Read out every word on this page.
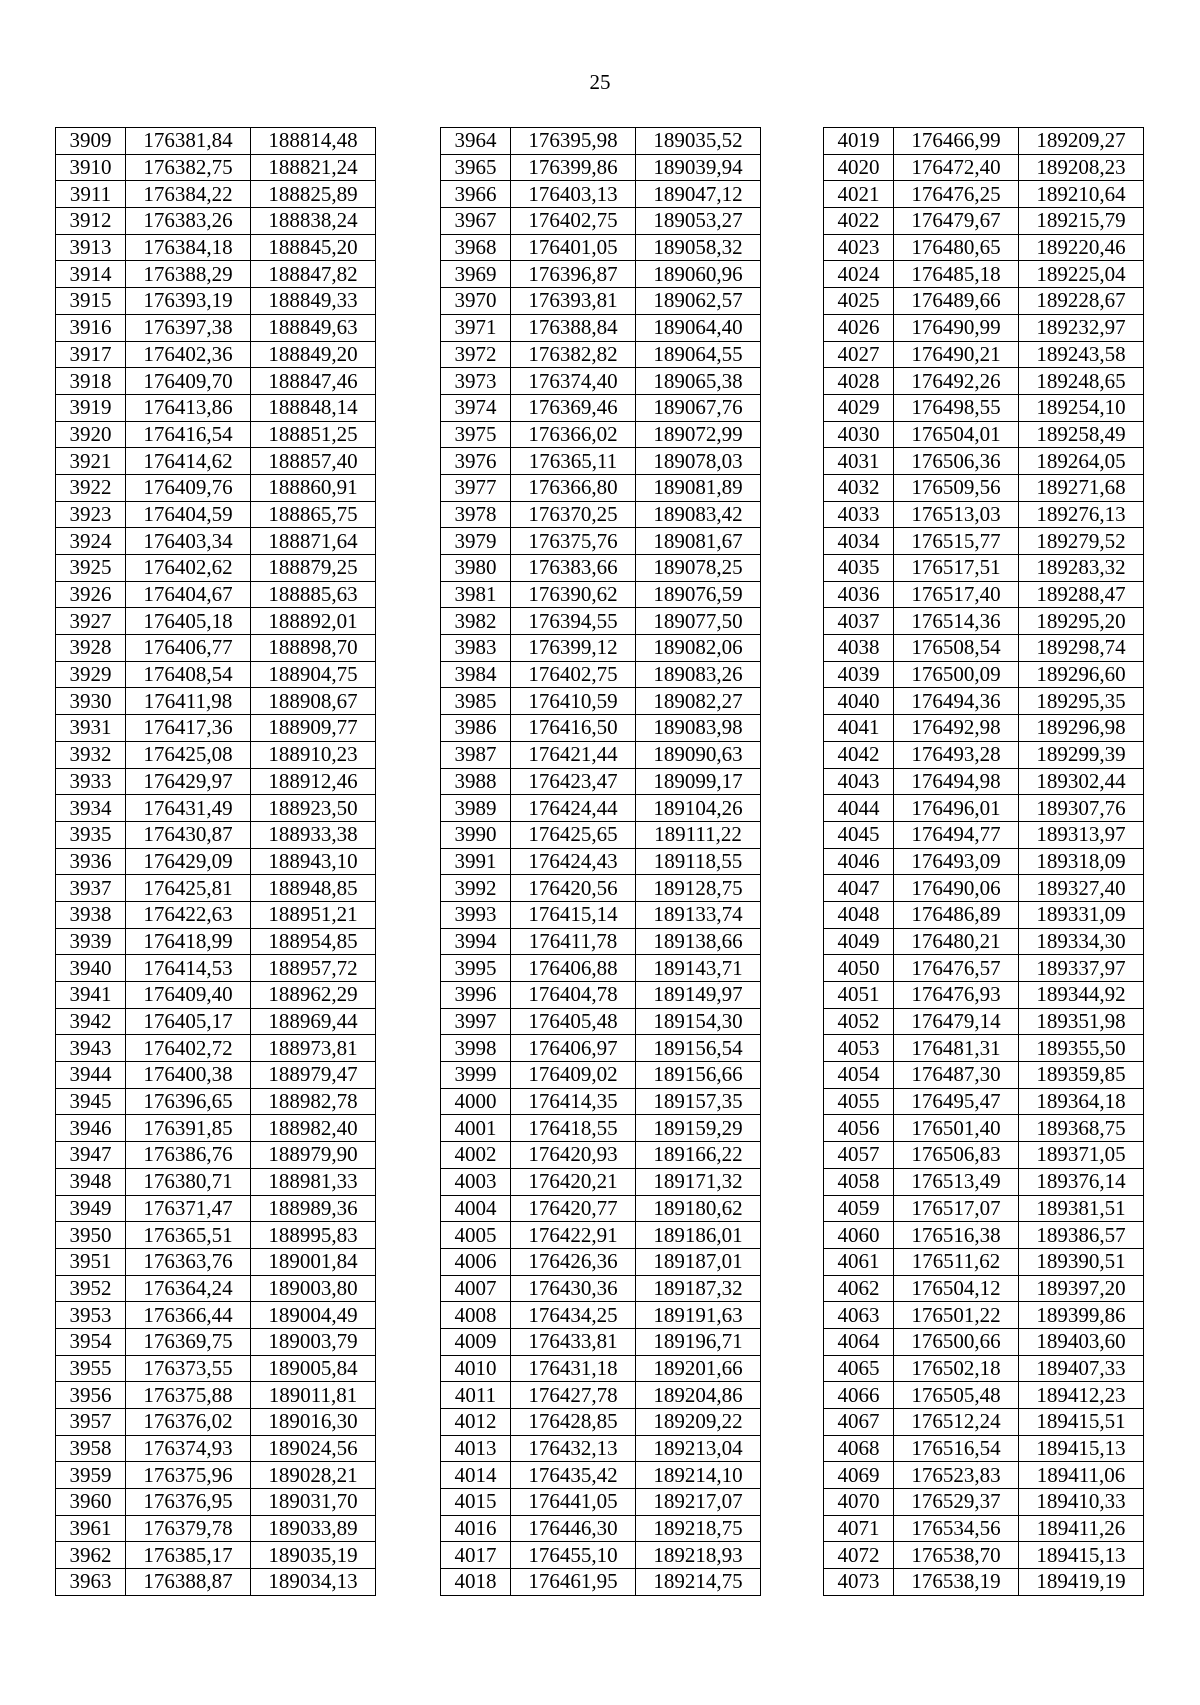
25
3909	176381,84	188814,48
3910	176382,75	188821,24
3911	176384,22	188825,89
3912	176383,26	188838,24
3913	176384,18	188845,20
3914	176388,29	188847,82
3915	176393,19	188849,33
3916	176397,38	188849,63
3917	176402,36	188849,20
3918	176409,70	188847,46
3919	176413,86	188848,14
3920	176416,54	188851,25
3921	176414,62	188857,40
3922	176409,76	188860,91
3923	176404,59	188865,75
3924	176403,34	188871,64
3925	176402,62	188879,25
3926	176404,67	188885,63
3927	176405,18	188892,01
3928	176406,77	188898,70
3929	176408,54	188904,75
3930	176411,98	188908,67
3931	176417,36	188909,77
3932	176425,08	188910,23
3933	176429,97	188912,46
3934	176431,49	188923,50
3935	176430,87	188933,38
3936	176429,09	188943,10
3937	176425,81	188948,85
3938	176422,63	188951,21
3939	176418,99	188954,85
3940	176414,53	188957,72
3941	176409,40	188962,29
3942	176405,17	188969,44
3943	176402,72	188973,81
3944	176400,38	188979,47
3945	176396,65	188982,78
3946	176391,85	188982,40
3947	176386,76	188979,90
3948	176380,71	188981,33
3949	176371,47	188989,36
3950	176365,51	188995,83
3951	176363,76	189001,84
3952	176364,24	189003,80
3953	176366,44	189004,49
3954	176369,75	189003,79
3955	176373,55	189005,84
3956	176375,88	189011,81
3957	176376,02	189016,30
3958	176374,93	189024,56
3959	176375,96	189028,21
3960	176376,95	189031,70
3961	176379,78	189033,89
3962	176385,17	189035,19
3963	176388,87	189034,13
3964	176395,98	189035,52
3965	176399,86	189039,94
3966	176403,13	189047,12
3967	176402,75	189053,27
3968	176401,05	189058,32
3969	176396,87	189060,96
3970	176393,81	189062,57
3971	176388,84	189064,40
3972	176382,82	189064,55
3973	176374,40	189065,38
3974	176369,46	189067,76
3975	176366,02	189072,99
3976	176365,11	189078,03
3977	176366,80	189081,89
3978	176370,25	189083,42
3979	176375,76	189081,67
3980	176383,66	189078,25
3981	176390,62	189076,59
3982	176394,55	189077,50
3983	176399,12	189082,06
3984	176402,75	189083,26
3985	176410,59	189082,27
3986	176416,50	189083,98
3987	176421,44	189090,63
3988	176423,47	189099,17
3989	176424,44	189104,26
3990	176425,65	189111,22
3991	176424,43	189118,55
3992	176420,56	189128,75
3993	176415,14	189133,74
3994	176411,78	189138,66
3995	176406,88	189143,71
3996	176404,78	189149,97
3997	176405,48	189154,30
3998	176406,97	189156,54
3999	176409,02	189156,66
4000	176414,35	189157,35
4001	176418,55	189159,29
4002	176420,93	189166,22
4003	176420,21	189171,32
4004	176420,77	189180,62
4005	176422,91	189186,01
4006	176426,36	189187,01
4007	176430,36	189187,32
4008	176434,25	189191,63
4009	176433,81	189196,71
4010	176431,18	189201,66
4011	176427,78	189204,86
4012	176428,85	189209,22
4013	176432,13	189213,04
4014	176435,42	189214,10
4015	176441,05	189217,07
4016	176446,30	189218,75
4017	176455,10	189218,93
4018	176461,95	189214,75
4019	176466,99	189209,27
4020	176472,40	189208,23
4021	176476,25	189210,64
4022	176479,67	189215,79
4023	176480,65	189220,46
4024	176485,18	189225,04
4025	176489,66	189228,67
4026	176490,99	189232,97
4027	176490,21	189243,58
4028	176492,26	189248,65
4029	176498,55	189254,10
4030	176504,01	189258,49
4031	176506,36	189264,05
4032	176509,56	189271,68
4033	176513,03	189276,13
4034	176515,77	189279,52
4035	176517,51	189283,32
4036	176517,40	189288,47
4037	176514,36	189295,20
4038	176508,54	189298,74
4039	176500,09	189296,60
4040	176494,36	189295,35
4041	176492,98	189296,98
4042	176493,28	189299,39
4043	176494,98	189302,44
4044	176496,01	189307,76
4045	176494,77	189313,97
4046	176493,09	189318,09
4047	176490,06	189327,40
4048	176486,89	189331,09
4049	176480,21	189334,30
4050	176476,57	189337,97
4051	176476,93	189344,92
4052	176479,14	189351,98
4053	176481,31	189355,50
4054	176487,30	189359,85
4055	176495,47	189364,18
4056	176501,40	189368,75
4057	176506,83	189371,05
4058	176513,49	189376,14
4059	176517,07	189381,51
4060	176516,38	189386,57
4061	176511,62	189390,51
4062	176504,12	189397,20
4063	176501,22	189399,86
4064	176500,66	189403,60
4065	176502,18	189407,33
4066	176505,48	189412,23
4067	176512,24	189415,51
4068	176516,54	189415,13
4069	176523,83	189411,06
4070	176529,37	189410,33
4071	176534,56	189411,26
4072	176538,70	189415,13
4073	176538,19	189419,19
